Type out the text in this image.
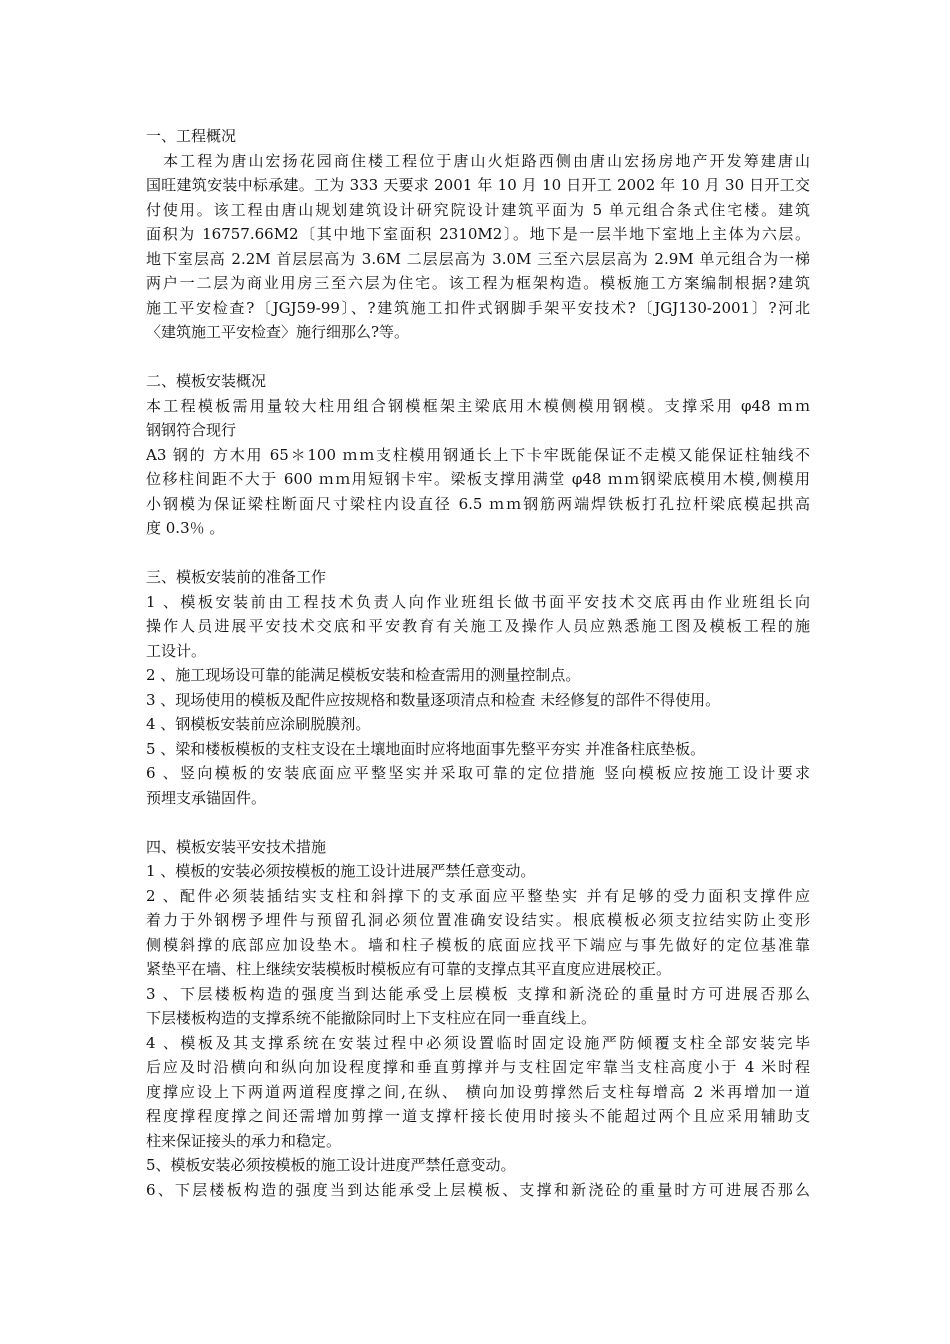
一、工程概况
　本工程为唐山宏扬花园商住楼工程位于唐山火炬路西侧由唐山宏扬房地产开发筹建唐山
国旺建筑安装中标承建。工为 333 天要求 2001 年 10 月 10 日开工 2002 年 10 月 30 日开工交
付使用。该工程由唐山规划建筑设计研究院设计建筑平面为 5 单元组合条式住宅楼。建筑
面积为 16757.66M2〔其中地下室面积 2310M2〕。地下是一层半地下室地上主体为六层。
地下室层高 2.2M 首层层高为 3.6M 二层层高为 3.0M 三至六层层高为 2.9M 单元组合为一梯
两户一二层为商业用房三至六层为住宅。该工程为框架构造。模板施工方案编制根据?建筑
施工平安检查?〔JGJ59-99〕、?建筑施工扣件式钢脚手架平安技术?〔JGJ130-2001〕?河北
〈建筑施工平安检查〉施行细那么?等。
二、模板安装概况
本工程模板需用量较大柱用组合钢模框架主梁底用木模侧模用钢模。支撑采用 φ48 ｍｍ
钢钢符合现行
A3 钢的 方木用 65＊100 ｍｍ支柱模用钢通长上下卡牢既能保证不走模又能保证柱轴线不
位移柱间距不大于 600 ｍｍ用短钢卡牢。梁板支撑用满堂 φ48 ｍｍ钢梁底模用木模,侧模用
小钢模为保证梁柱断面尺寸梁柱内设直径 6.5 ｍｍ钢筋两端焊铁板打孔拉杆梁底模起拱高
度 0.3％ 。
三、模板安装前的准备工作
1 、模板安装前由工程技术负责人向作业班组长做书面平安技术交底再由作业班组长向
操作人员进展平安技术交底和平安教育有关施工及操作人员应熟悉施工图及模板工程的施
工设计。
2 、施工现场设可靠的能满足模板安装和检查需用的测量控制点。
3 、现场使用的模板及配件应按规格和数量逐项清点和检查 未经修复的部件不得使用。
4 、钢模板安装前应涂刷脱膜剂。
5 、梁和楼板模板的支柱支设在土壤地面时应将地面事先整平夯实 并准备柱底垫板。
6 、竖向模板的安装底面应平整坚实并采取可靠的定位措施 竖向模板应按施工设计要求
预埋支承锚固件。
四、模板安装平安技术措施
1 、模板的安装必须按模板的施工设计进展严禁任意变动。
2 、配件必须装插结实支柱和斜撑下的支承面应平整垫实 并有足够的受力面积支撑件应
着力于外钢楞予埋件与预留孔洞必须位置准确安设结实。根底模板必须支拉结实防止变形
侧模斜撑的底部应加设垫木。墙和柱子模板的底面应找平下端应与事先做好的定位基准靠
紧垫平在墙、柱上继续安装模板时模板应有可靠的支撑点其平直度应进展校正。
3 、下层楼板构造的强度当到达能承受上层模板 支撑和新浇砼的重量时方可进展否那么
下层楼板构造的支撑系统不能撤除同时上下支柱应在同一垂直线上。
4 、模板及其支撑系统在安装过程中必须设置临时固定设施严防倾覆支柱全部安装完毕
后应及时沿横向和纵向加设程度撑和垂直剪撑并与支柱固定牢靠当支柱高度小于 4 米时程
度撑应设上下两道两道程度撑之间,在纵、 横向加设剪撑然后支柱每增高 2 米再增加一道
程度撑程度撑之间还需增加剪撑一道支撑杆接长使用时接头不能超过两个且应采用辅助支
柱来保证接头的承力和稳定。
5、模板安装必须按模板的施工设计进度严禁任意变动。
6、下层楼板构造的强度当到达能承受上层模板、支撑和新浇砼的重量时方可进展否那么
